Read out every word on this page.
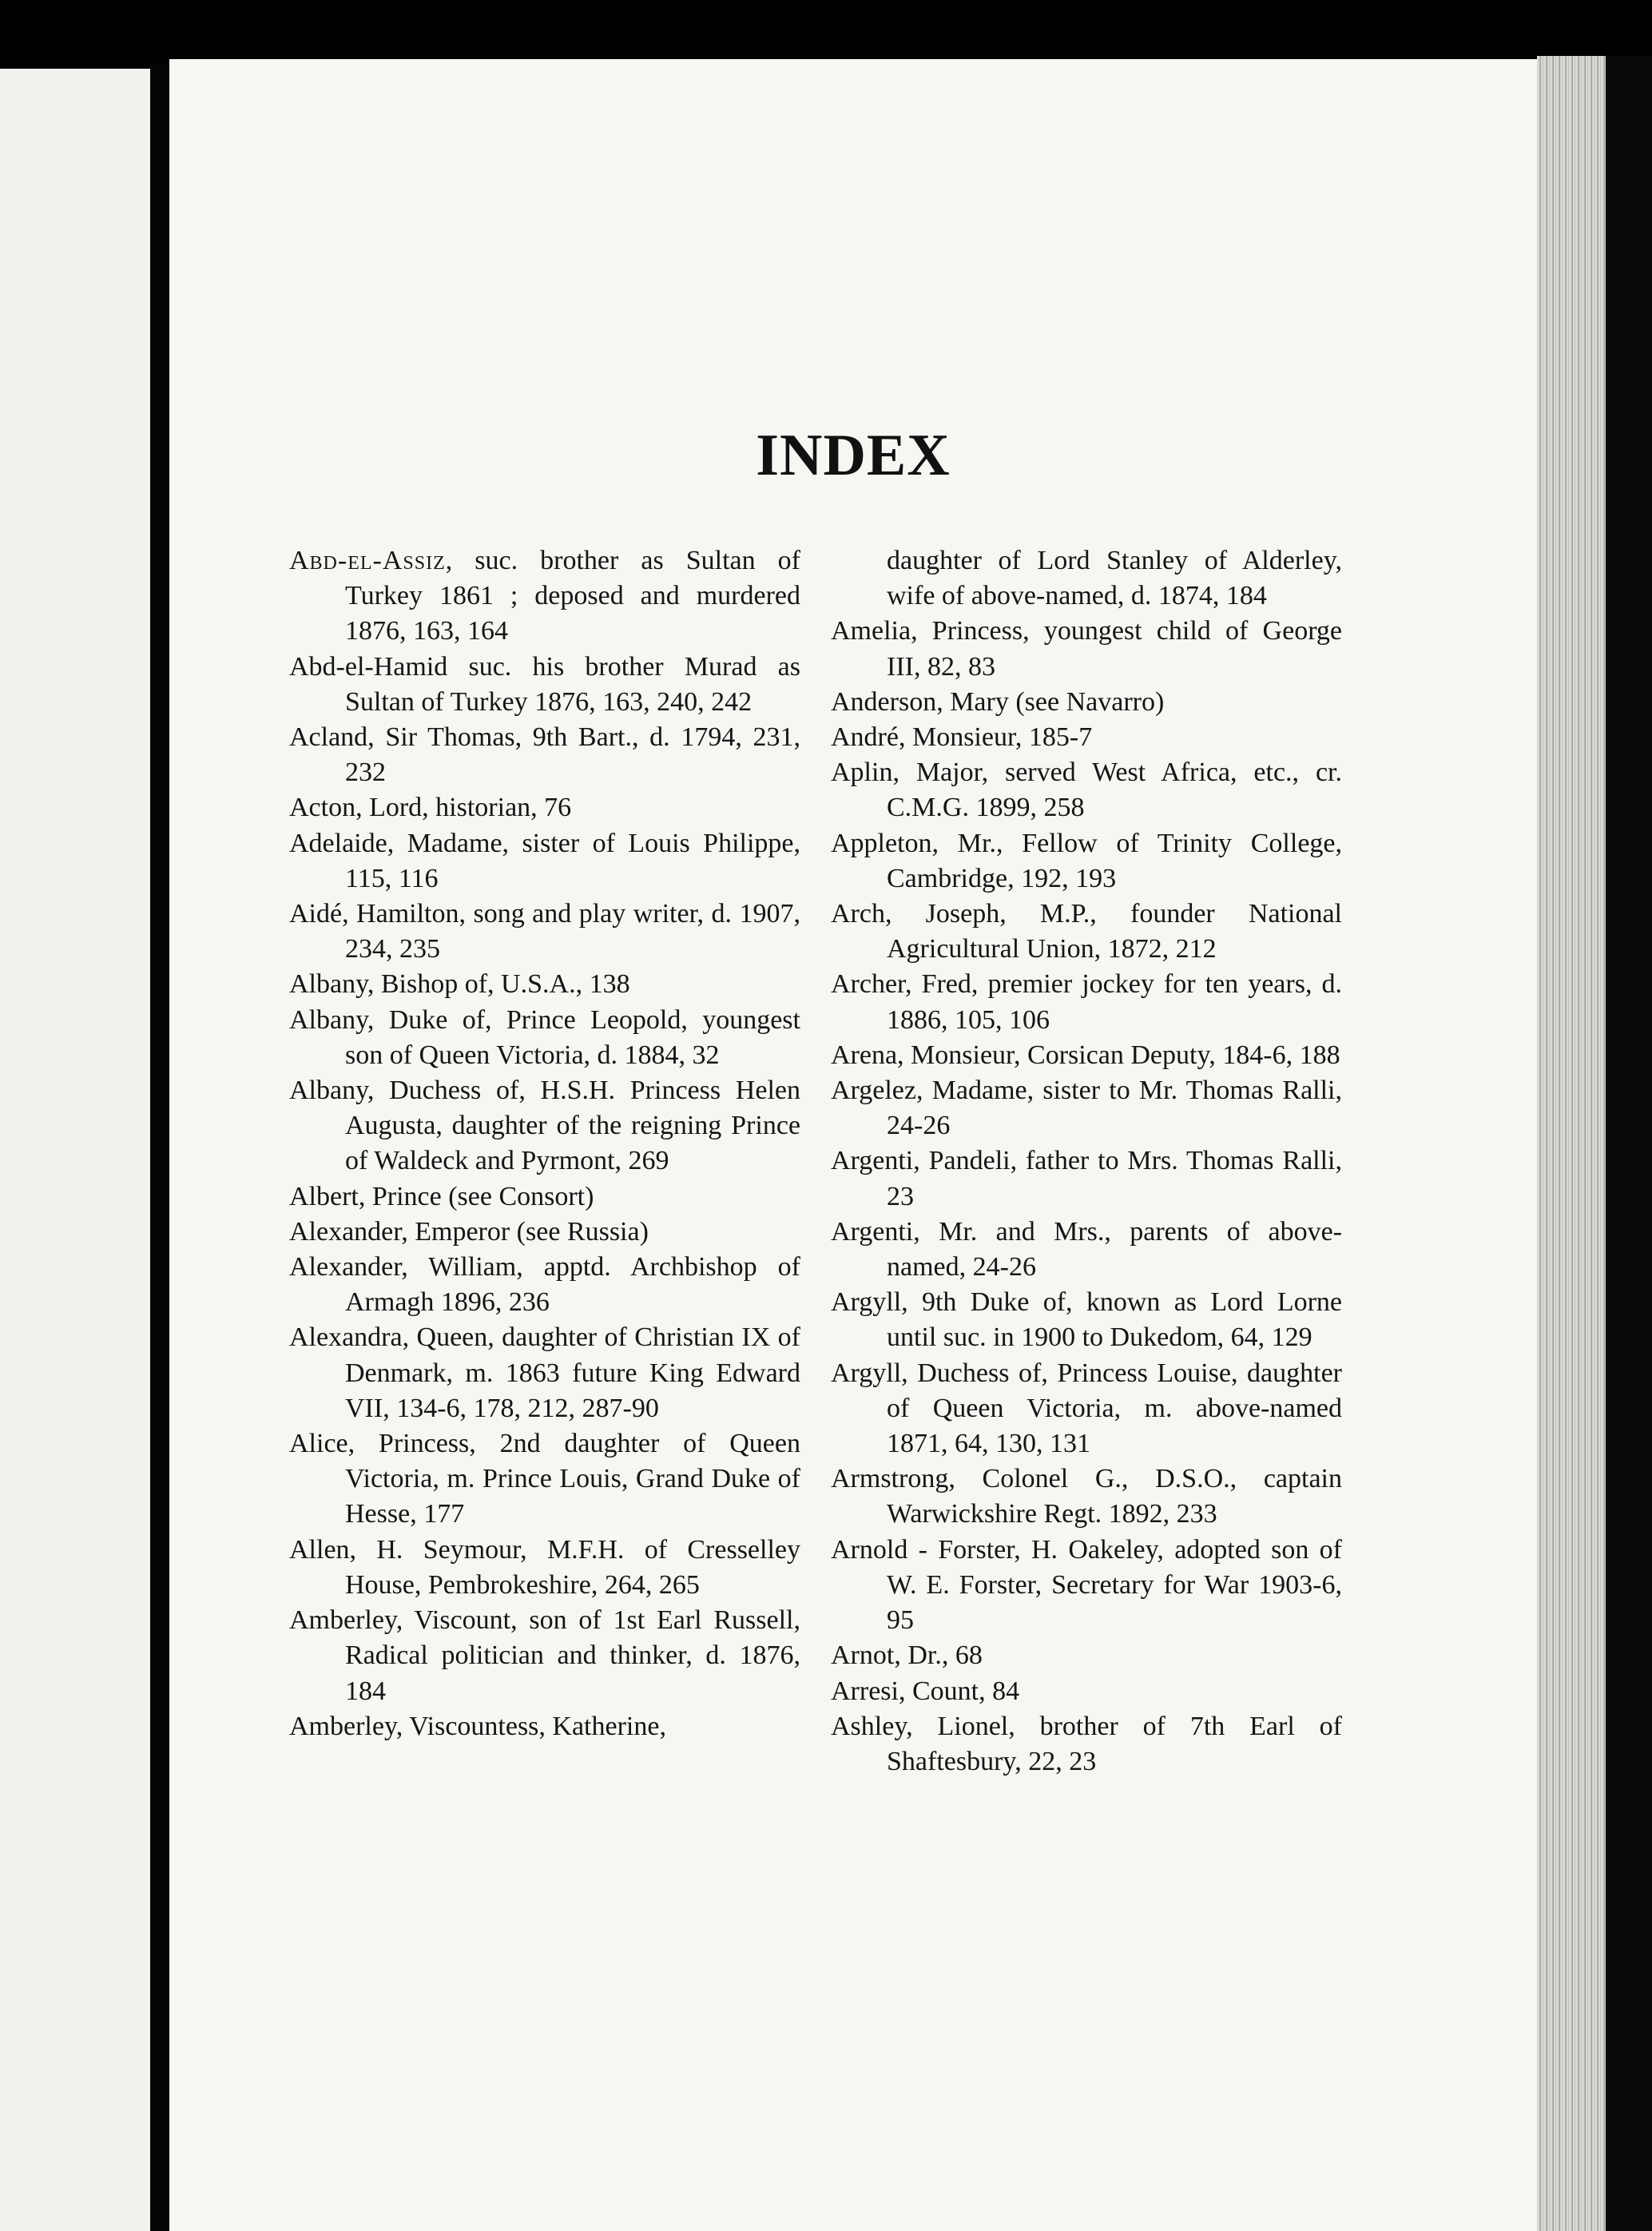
INDEX

Abd-el-Assiz, suc. brother as Sultan of Turkey 1861 ; deposed and murdered 1876, 163, 164

Abd-el-Hamid suc. his brother Murad as Sultan of Turkey 1876, 163, 240, 242

Acland, Sir Thomas, 9th Bart., d. 1794, 231, 232

Acton, Lord, historian, 76

Adelaide, Madame, sister of Louis Philippe, 115, 116

Aidé, Hamilton, song and play writer, d. 1907, 234, 235

Albany, Bishop of, U.S.A., 138

Albany, Duke of, Prince Leopold, youngest son of Queen Victoria, d. 1884, 32

Albany, Duchess of, H.S.H. Princess Helen Augusta, daughter of the reigning Prince of Waldeck and Pyrmont, 269

Albert, Prince (see Consort)

Alexander, Emperor (see Russia)

Alexander, William, apptd. Archbishop of Armagh 1896, 236

Alexandra, Queen, daughter of Christian IX of Denmark, m. 1863 future King Edward VII, 134-6, 178, 212, 287-90

Alice, Princess, 2nd daughter of Queen Victoria, m. Prince Louis, Grand Duke of Hesse, 177

Allen, H. Seymour, M.F.H. of Cresselley House, Pembrokeshire, 264, 265

Amberley, Viscount, son of 1st Earl Russell, Radical politician and thinker, d. 1876, 184

Amberley, Viscountess, Katherine,

daughter of Lord Stanley of Alderley, wife of above-named, d. 1874, 184

Amelia, Princess, youngest child of George III, 82, 83

Anderson, Mary (see Navarro)

André, Monsieur, 185-7

Aplin, Major, served West Africa, etc., cr. C.M.G. 1899, 258

Appleton, Mr., Fellow of Trinity College, Cambridge, 192, 193

Arch, Joseph, M.P., founder National Agricultural Union, 1872, 212

Archer, Fred, premier jockey for ten years, d. 1886, 105, 106

Arena, Monsieur, Corsican Deputy, 184-6, 188

Argelez, Madame, sister to Mr. Thomas Ralli, 24-26

Argenti, Pandeli, father to Mrs. Thomas Ralli, 23

Argenti, Mr. and Mrs., parents of above-named, 24-26

Argyll, 9th Duke of, known as Lord Lorne until suc. in 1900 to Dukedom, 64, 129

Argyll, Duchess of, Princess Louise, daughter of Queen Victoria, m. above-named 1871, 64, 130, 131

Armstrong, Colonel G., D.S.O., captain Warwickshire Regt. 1892, 233

Arnold - Forster, H. Oakeley, adopted son of W. E. Forster, Secretary for War 1903-6, 95

Arnot, Dr., 68

Arresi, Count, 84

Ashley, Lionel, brother of 7th Earl of Shaftesbury, 22, 23
